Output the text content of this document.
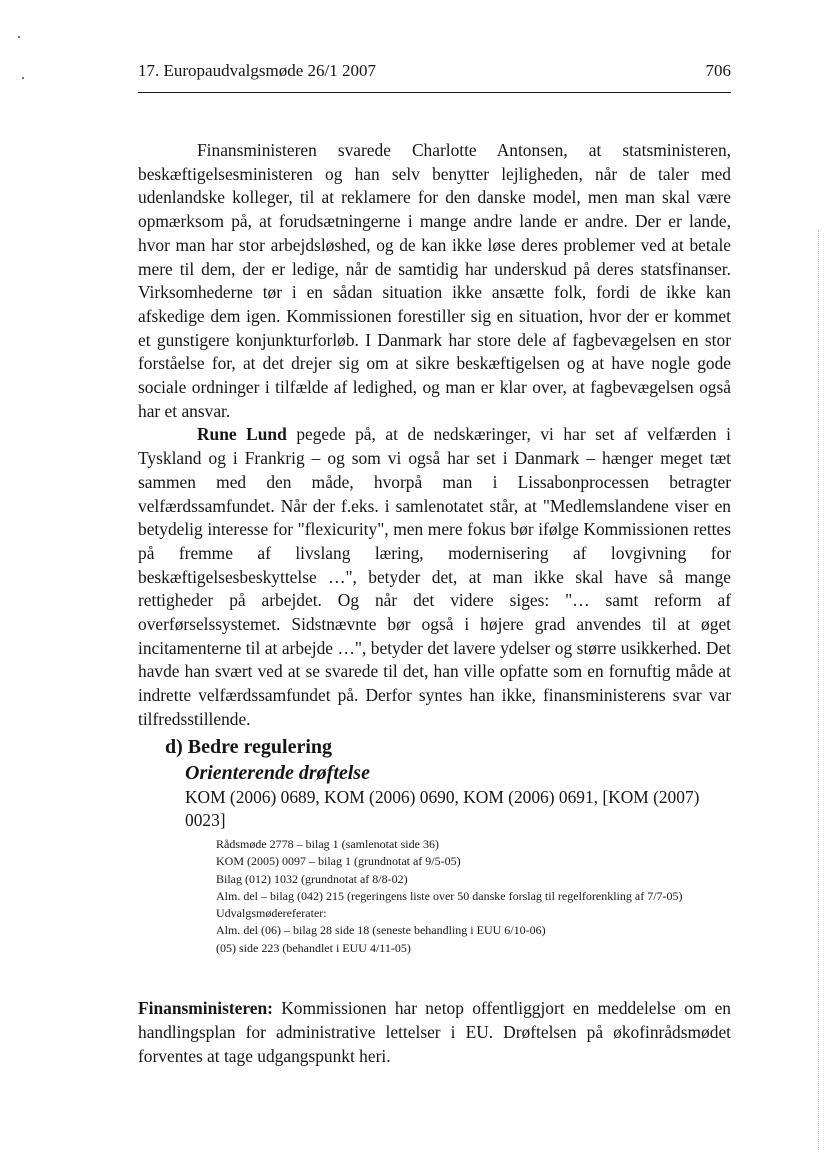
17. Europaudvalgsmøde 26/1 2007	706

Finansministeren svarede Charlotte Antonsen, at statsministeren, beskæftigelsesministeren og han selv benytter lejligheden, når de taler med udenlandske kolleger, til at reklamere for den danske model, men man skal være opmærksom på, at forudsætningerne i mange andre lande er andre. Der er lande, hvor man har stor arbejdsløshed, og de kan ikke løse deres problemer ved at betale mere til dem, der er ledige, når de samtidig har underskud på deres statsfinanser. Virksomhederne tør i en sådan situation ikke ansætte folk, fordi de ikke kan afskedige dem igen. Kommissionen forestiller sig en situation, hvor der er kommet et gunstigere konjunkturforløb. I Danmark har store dele af fagbevægelsen en stor forståelse for, at det drejer sig om at sikre beskæftigelsen og at have nogle gode sociale ordninger i tilfælde af ledighed, og man er klar over, at fagbevægelsen også har et ansvar.

Rune Lund pegede på, at de nedskæringer, vi har set af velfærden i Tyskland og i Frankrig – og som vi også har set i Danmark – hænger meget tæt sammen med den måde, hvorpå man i Lissabonprocessen betragter velfærdssamfundet. Når der f.eks. i samlenotatet står, at "Medlemslandene viser en betydelig interesse for "flexicurity", men mere fokus bør ifølge Kommissionen rettes på fremme af livslang læring, modernisering af lovgivning for beskæftigelsesbeskyttelse …", betyder det, at man ikke skal have så mange rettigheder på arbejdet. Og når det videre siges: "… samt reform af overførselssystemet. Sidstnævnte bør også i højere grad anvendes til at øget incitamenterne til at arbejde …", betyder det lavere ydelser og større usikkerhed. Det havde han svært ved at se svarede til det, han ville opfatte som en fornuftig måde at indrette velfærdssamfundet på. Derfor syntes han ikke, finansministerens svar var tilfredsstillende.

d) Bedre regulering
Orienterende drøftelse
KOM (2006) 0689, KOM (2006) 0690, KOM (2006) 0691, [KOM (2007) 0023]
Rådsmøde 2778 – bilag 1 (samlenotat side 36)
KOM (2005) 0097 – bilag 1 (grundnotat af 9/5-05)
Bilag (012) 1032 (grundnotat af 8/8-02)
Alm. del – bilag (042) 215 (regeringens liste over 50 danske forslag til regelforenkling af 7/7-05)
Udvalgsmødereferater:
Alm. del (06) – bilag 28 side 18 (seneste behandling i EUU 6/10-06)
(05) side 223 (behandlet i EUU 4/11-05)
Finansministeren: Kommissionen har netop offentliggjort en meddelelse om en handlingsplan for administrative lettelser i EU. Drøftelsen på økofinrådsmødet forventes at tage udgangspunkt heri.
